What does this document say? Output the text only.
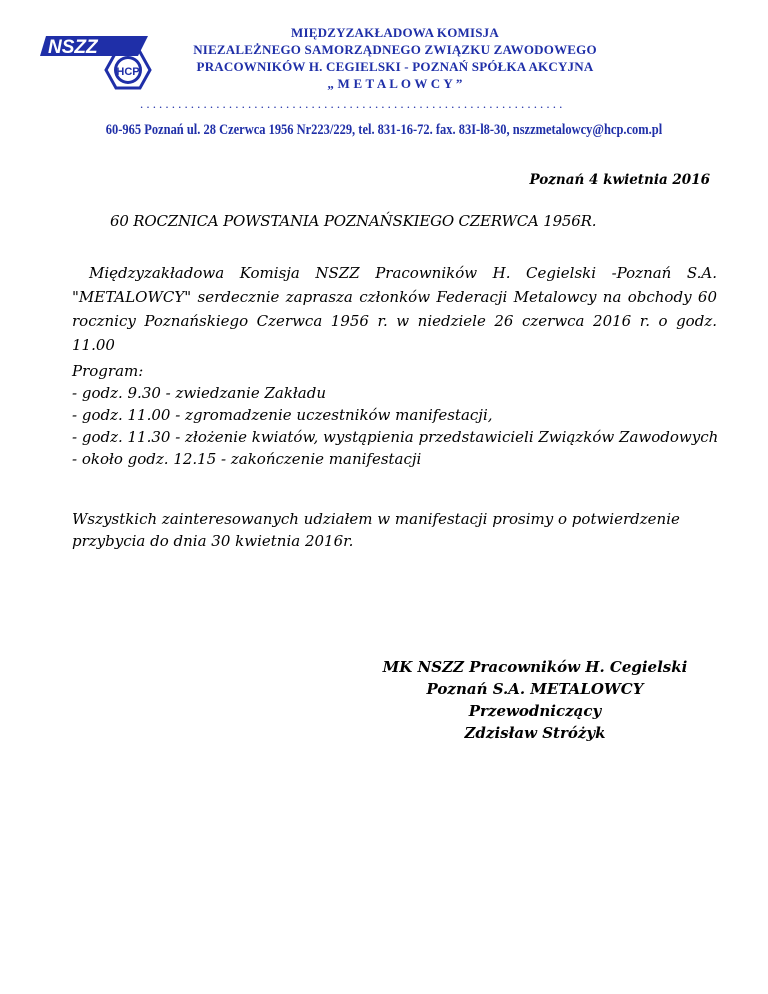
NSZZ
HCP
MIĘDZYZAKŁADOWA KOMISJA
NIEZALEŻNEGO SAMORZĄDNEGO ZWIĄZKU ZAWODOWEGO
PRACOWNIKÓW H. CEGIELSKI - POZNAŃ SPÓŁKA AKCYJNA
„ M E T A L O W C Y ”
...................................................................
60-965 Poznań ul. 28 Czerwca 1956 Nr223/229, tel. 831-16-72. fax. 83I-l8-30, nszzmetalowcy@hcp.com.pl
Poznań 4 kwietnia 2016
60 ROCZNICA POWSTANIA POZNAŃSKIEGO CZERWCA 1956R.
Międzyzakładowa Komisja NSZZ Pracowników H. Cegielski -Poznań S.A. "METALOWCY" serdecznie zaprasza członków Federacji Metalowcy na obchody 60 rocznicy Poznańskiego Czerwca 1956 r. w niedziele 26 czerwca 2016 r. o godz. 11.00
Program:
- godz. 9.30 - zwiedzanie Zakładu
- godz. 11.00 - zgromadzenie uczestników manifestacji,
- godz. 11.30 - złożenie kwiatów, wystąpienia przedstawicieli Związków Zawodowych
- około godz. 12.15 - zakończenie manifestacji
Wszystkich zainteresowanych udziałem w manifestacji prosimy o potwierdzenie przybycia do dnia 30 kwietnia 2016r.
MK NSZZ Pracowników H. Cegielski
Poznań S.A. METALOWCY
Przewodniczący
Zdzisław Stróżyk
